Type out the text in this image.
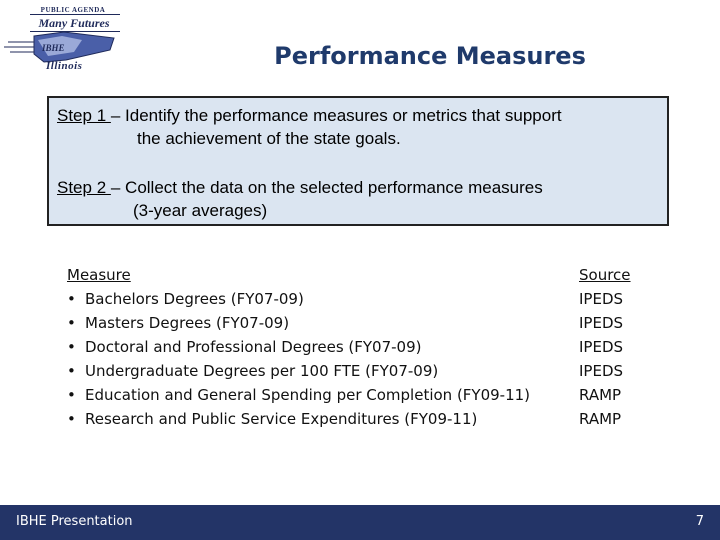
PUBLIC AGENDA
Many Futures
IBHE
Illinois	Performance Measures
Step 1 – Identify the performance measures or metrics that support
the achievement of the state goals.
Step 2 – Collect the data on the selected performance measures
(3-year averages)
Measure	Source
• Bachelors Degrees (FY07-09)	IPEDS
• Masters Degrees (FY07-09)	IPEDS
• Doctoral and Professional Degrees (FY07-09)	IPEDS
• Undergraduate Degrees per 100 FTE (FY07-09)	IPEDS
• Education and General Spending per Completion (FY09-11)	RAMP
• Research and Public Service Expenditures (FY09-11)	RAMP
IBHE Presentation	7
